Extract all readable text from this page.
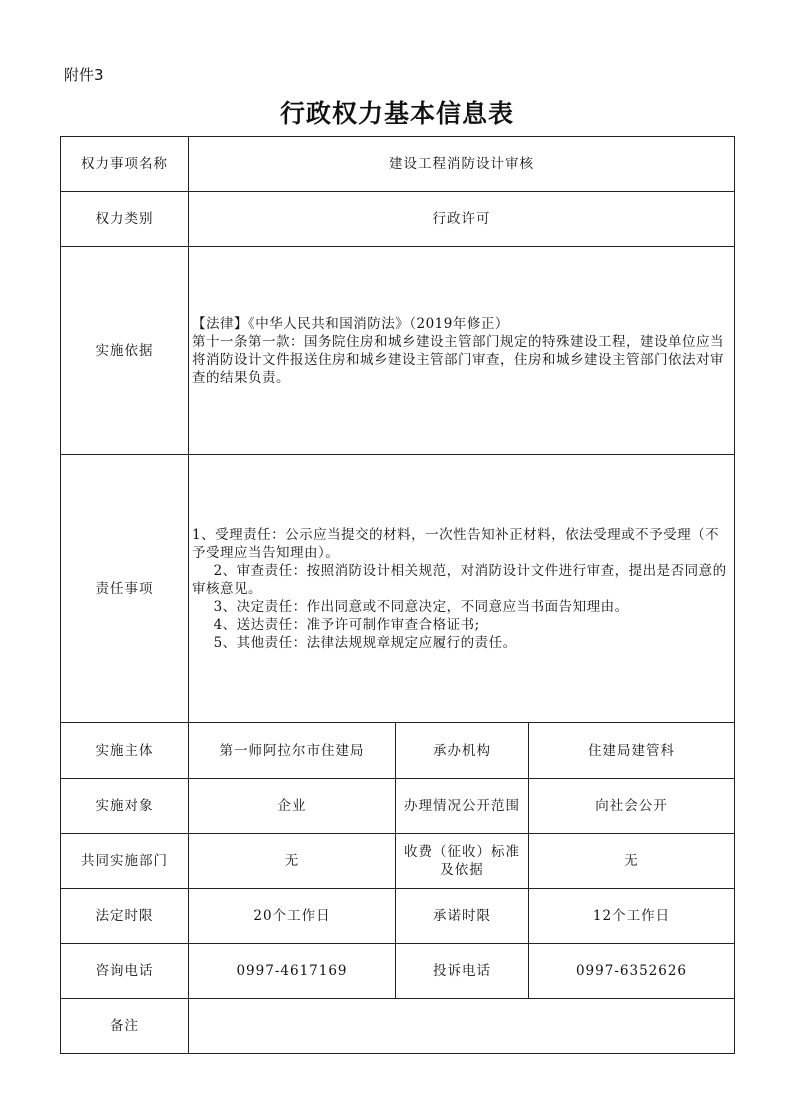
附件3
行政权力基本信息表
权力事项名称	建设工程消防设计审核		
权力类别	行政许可		
实施依据	【法律】《中华人民共和国消防法》（2019年修正）
第十一条第一款：国务院住房和城乡建设主管部门规定的特殊建设工程，建设单位应当将消防设计文件报送住房和城乡建设主管部门审查，住房和城乡建设主管部门依法对审查的结果负责。		

责任事项	1、受理责任：公示应当提交的材料，一次性告知补正材料，依法受理或不予受理（不予受理应当告知理由）。
2、审查责任：按照消防设计相关规范，对消防设计文件进行审查，提出是否同意的审核意见。
3、决定责任：作出同意或不同意决定，不同意应当书面告知理由。
4、送达责任：准予许可制作审查合格证书;
5、其他责任：法律法规规章规定应履行的责任。		

实施主体	第一师阿拉尔市住建局	承办机构	住建局建管科
实施对象	企业	办理情况公开范围	向社会公开
共同实施部门	无	收费（征收）标准及依据	无
法定时限	20个工作日	承诺时限	12个工作日
咨询电话	0997-4617169	投诉电话	0997-6352626
备注			
